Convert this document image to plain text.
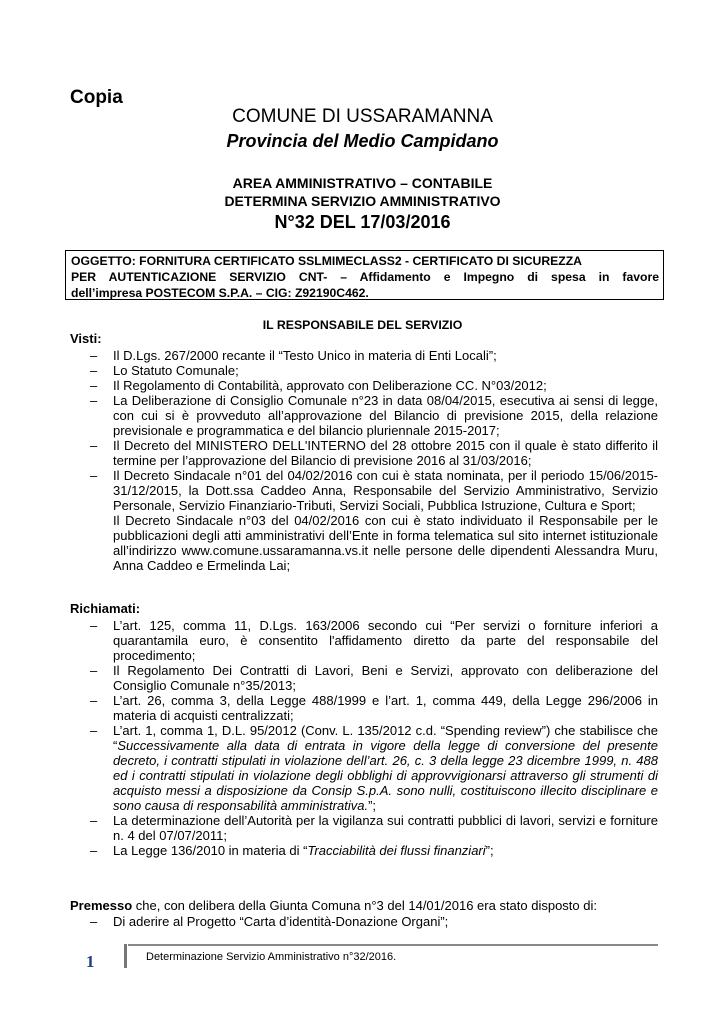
Copia
COMUNE DI USSARAMANNA
Provincia del Medio Campidano
AREA AMMINISTRATIVO – CONTABILE
DETERMINA SERVIZIO AMMINISTRATIVO
N°32 DEL 17/03/2016
OGGETTO: FORNITURA CERTIFICATO SSLMIMECLASS2 - CERTIFICATO DI SICUREZZA
PER AUTENTICAZIONE SERVIZIO CNT- – Affidamento e Impegno di spesa in favore
dell’impresa POSTECOM S.P.A. – CIG: Z92190C462.
IL RESPONSABILE DEL SERVIZIO
Visti:
– Il D.Lgs. 267/2000 recante il “Testo Unico in materia di Enti Locali”;
– Lo Statuto Comunale;
– Il Regolamento di Contabilità, approvato con Deliberazione CC. N°03/2012;
– La Deliberazione di Consiglio Comunale n°23 in data 08/04/2015, esecutiva ai sensi di legge, con cui si è provveduto all’approvazione del Bilancio di previsione 2015, della relazione previsionale e programmatica e del bilancio pluriennale 2015-2017;
– Il Decreto del MINISTERO DELL'INTERNO del 28 ottobre 2015 con il quale è stato differito il termine per l’approvazione del Bilancio di previsione 2016 al 31/03/2016;
– Il Decreto Sindacale n°01 del 04/02/2016 con cui è stata nominata, per il periodo 15/06/2015-31/12/2015, la Dott.ssa Caddeo Anna, Responsabile del Servizio Amministrativo, Servizio Personale, Servizio Finanziario-Tributi, Servizi Sociali, Pubblica Istruzione, Cultura e Sport;
Il Decreto Sindacale n°03 del 04/02/2016 con cui è stato individuato il Responsabile per le pubblicazioni degli atti amministrativi dell’Ente in forma telematica sul sito internet istituzionale all’indirizzo www.comune.ussaramanna.vs.it nelle persone delle dipendenti Alessandra Muru, Anna Caddeo e Ermelinda Lai;
Richiamati:
– L’art. 125, comma 11, D.Lgs. 163/2006 secondo cui “Per servizi o forniture inferiori a quarantamila euro, è consentito l'affidamento diretto da parte del responsabile del procedimento;
– Il Regolamento Dei Contratti di Lavori, Beni e Servizi, approvato con deliberazione del Consiglio Comunale n°35/2013;
– L’art. 26, comma 3, della Legge 488/1999 e l’art. 1, comma 449, della Legge 296/2006 in materia di acquisti centralizzati;
– L’art. 1, comma 1, D.L. 95/2012 (Conv. L. 135/2012 c.d. “Spending review”) che stabilisce che “Successivamente alla data di entrata in vigore della legge di conversione del presente decreto, i contratti stipulati in violazione dell’art. 26, c. 3 della legge 23 dicembre 1999, n. 488 ed i contratti stipulati in violazione degli obblighi di approvvigionarsi attraverso gli strumenti di acquisto messi a disposizione da Consip S.p.A. sono nulli, costituiscono illecito disciplinare e sono causa di responsabilità amministrativa.”;
– La determinazione dell’Autorità per la vigilanza sui contratti pubblici di lavori, servizi e forniture n. 4 del 07/07/2011;
– La Legge 136/2010 in materia di “Tracciabilità dei flussi finanziari”;
Premesso che, con delibera della Giunta Comuna n°3 del 14/01/2016 era stato disposto di:
– Di aderire al Progetto “Carta d’identità-Donazione Organi”;
1	Determinazione Servizio Amministrativo n°32/2016.
